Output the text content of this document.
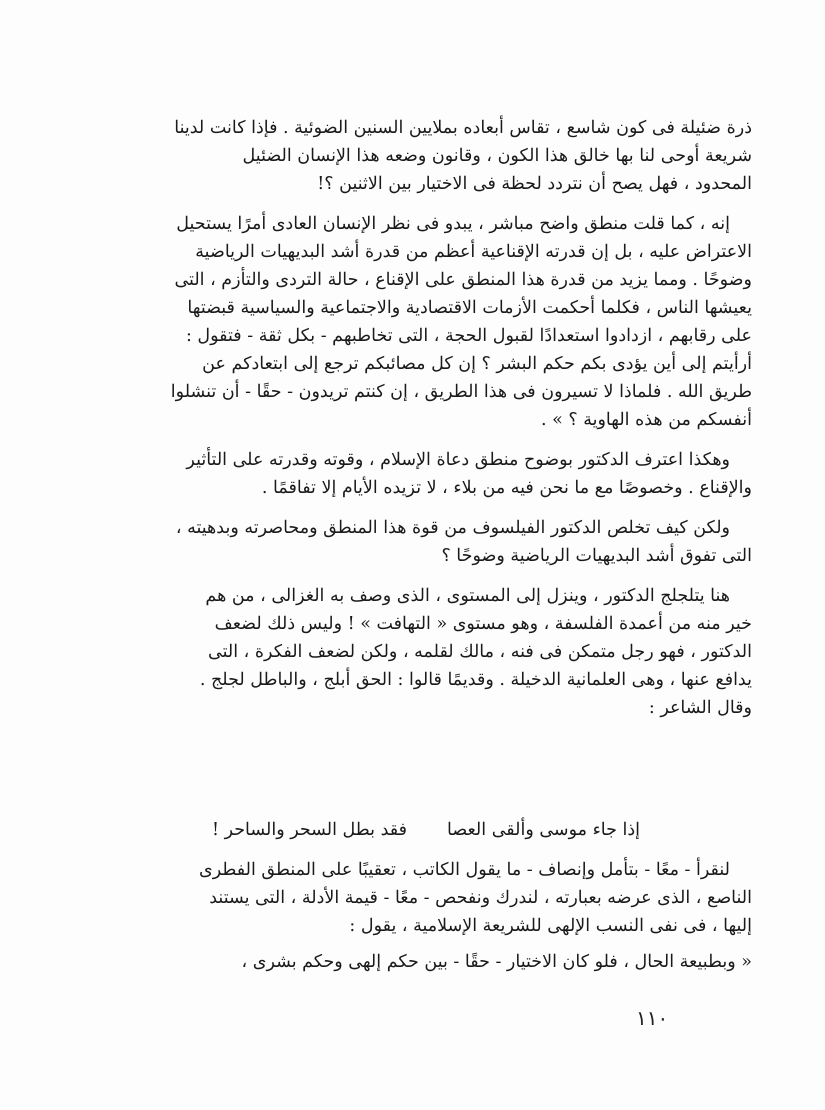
ذرة ضئيلة فى كون شاسع ، تقاس أبعاده بملايين السنين الضوئية . فإذا كانت لدينا
شريعة أوحى لنا بها خالق هذا الكون ، وقانون وضعه هذا الإنسان الضئيل
المحدود ، فهل يصح أن نتردد لحظة فى الاختيار بين الاثنين ؟!

إنه ، كما قلت منطق واضح مباشر ، يبدو فى نظر الإنسان العادى أمرًا يستحيل
الاعتراض عليه ، بل إن قدرته الإقناعية أعظم من قدرة أشد البديهيات الرياضية
وضوحًا . ومما يزيد من قدرة هذا المنطق على الإقناع ، حالة التردى والتأزم ، التى
يعيشها الناس ، فكلما أحكمت الأزمات الاقتصادية والاجتماعية والسياسية قبضتها
على رقابهم ، ازدادوا استعدادًا لقبول الحجة ، التى تخاطبهم - بكل ثقة - فتقول :
أرأيتم إلى أين يؤدى بكم حكم البشر ؟ إن كل مصائبكم ترجع إلى ابتعادكم عن
طريق الله . فلماذا لا تسيرون فى هذا الطريق ، إن كنتم تريدون - حقًا - أن تنشلوا
أنفسكم من هذه الهاوية ؟ » .

وهكذا اعترف الدكتور بوضوح منطق دعاة الإسلام ، وقوته وقدرته على التأثير
والإقناع . وخصوصًا مع ما نحن فيه من بلاء ، لا تزيده الأيام إلا تفاقمًا .

ولكن كيف تخلص الدكتور الفيلسوف من قوة هذا المنطق ومحاصرته وبدهيته ،
التى تفوق أشد البديهيات الرياضية وضوحًا ؟

هنا يتلجلج الدكتور ، وينزل إلى المستوى ، الذى وصف به الغزالى ، من هم
خير منه من أعمدة الفلسفة ، وهو مستوى « التهافت » ! وليس ذلك لضعف
الدكتور ، فهو رجل متمكن فى فنه ، مالك لقلمه ، ولكن لضعف الفكرة ، التى
يدافع عنها ، وهى العلمانية الدخيلة . وقديمًا قالوا : الحق أبلج ، والباطل لجلج .
وقال الشاعر :

إذا جاء موسى وألقى العصا
فقد بطل السحر والساحر !

لنقرأ - معًا - بتأمل وإنصاف - ما يقول الكاتب ، تعقيبًا على المنطق الفطرى
الناصع ، الذى عرضه بعبارته ، لندرك ونفحص - معًا - قيمة الأدلة ، التى يستند
إليها ، فى نفى النسب الإلهى للشريعة الإسلامية ، يقول :

« وبطبيعة الحال ، فلو كان الاختيار - حقًا - بين حكم إلهى وحكم بشرى ،

١١٠
